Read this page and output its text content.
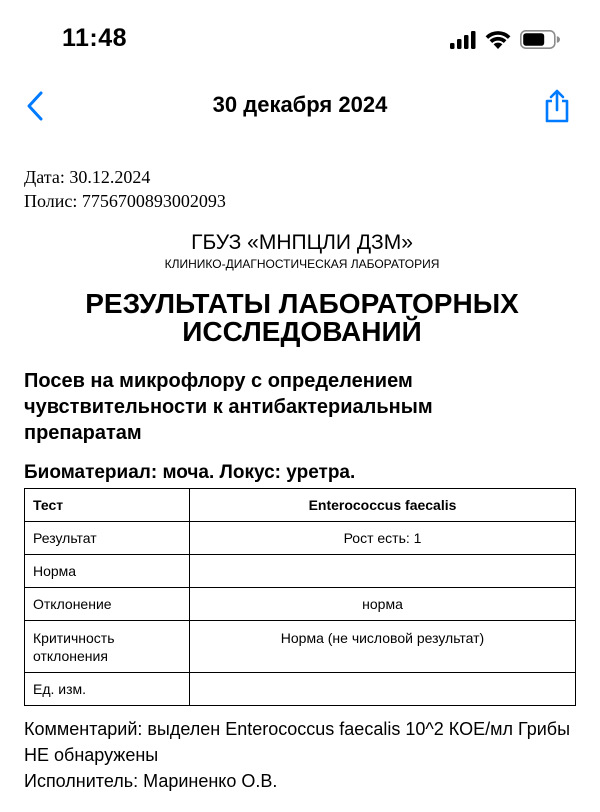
11:48
30 декабря 2024
Дата: 30.12.2024
Полис: 7756700893002093
ГБУЗ «МНПЦЛИ ДЗМ»
КЛИНИКО-ДИАГНОСТИЧЕСКАЯ ЛАБОРАТОРИЯ
РЕЗУЛЬТАТЫ ЛАБОРАТОРНЫХ ИССЛЕДОВАНИЙ
Посев на микрофлору с определением чувствительности к антибактериальным препаратам
Биоматериал: моча. Локус: уретра.
Тест	Enterococcus faecalis
Результат	Рост есть: 1
Норма	
Отклонение	норма
Критичность отклонения	Норма (не числовой результат)
Ед. изм.	
Комментарий: выделен Enterococcus faecalis 10^2 КОЕ/мл Грибы НЕ обнаружены
Исполнитель: Мариненко О.В.
